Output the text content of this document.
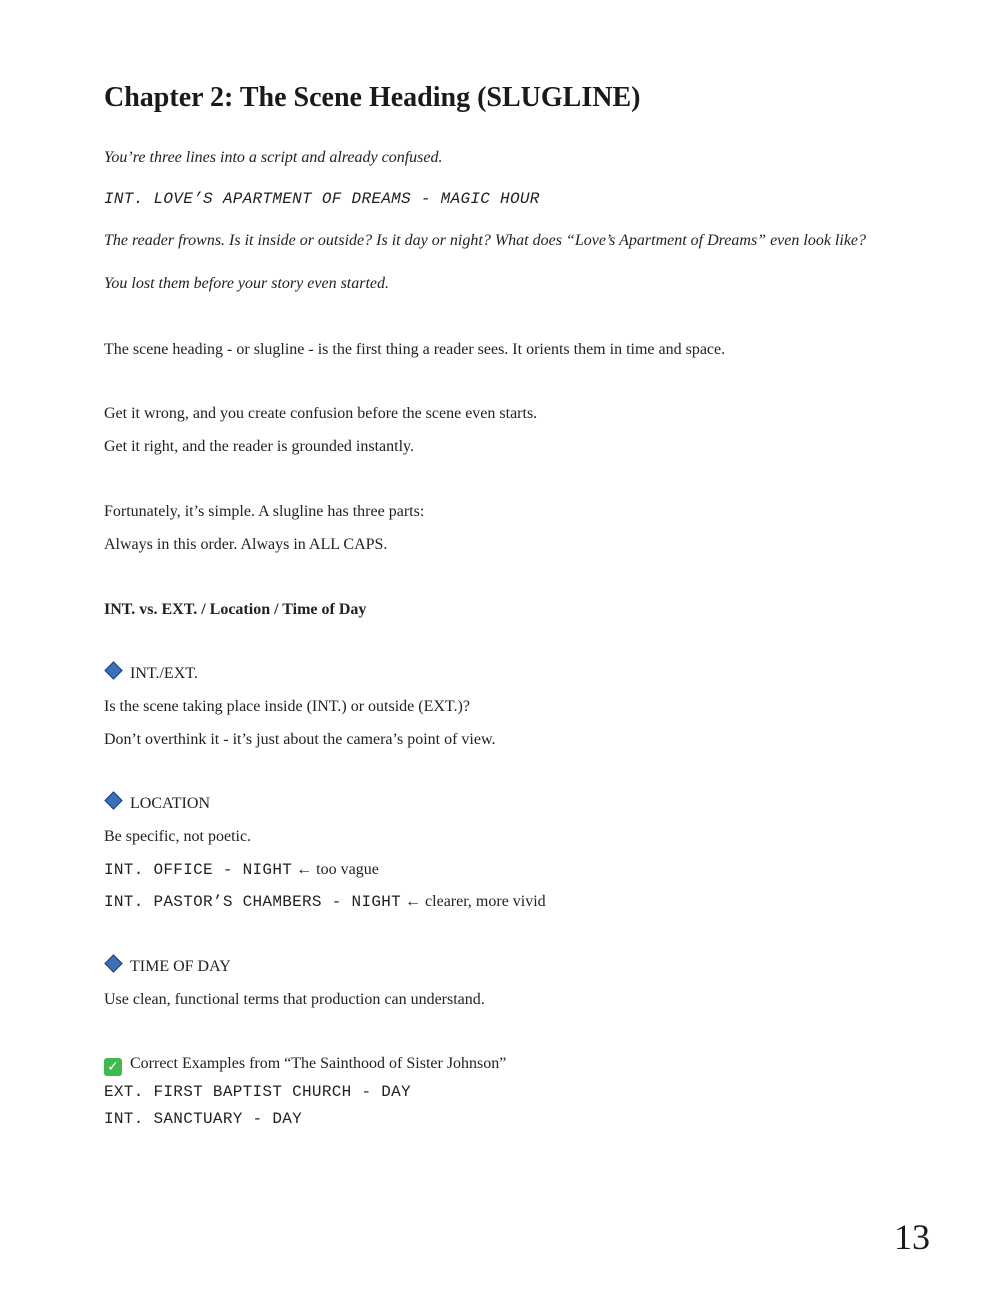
Chapter 2: The Scene Heading (SLUGLINE)
You’re three lines into a script and already confused.
INT. LOVE’S APARTMENT OF DREAMS - MAGIC HOUR
The reader frowns. Is it inside or outside? Is it day or night? What does “Love’s Apartment of Dreams” even look like?
You lost them before your story even started.
The scene heading - or slugline - is the first thing a reader sees. It orients them in time and space.
Get it wrong, and you create confusion before the scene even starts.
Get it right, and the reader is grounded instantly.
Fortunately, it’s simple. A slugline has three parts:
Always in this order. Always in ALL CAPS.
INT. vs. EXT. / Location / Time of Day
INT./EXT.
Is the scene taking place inside (INT.) or outside (EXT.)?
Don’t overthink it - it’s just about the camera’s point of view.
LOCATION
Be specific, not poetic.
INT. OFFICE - NIGHT ← too vague
INT. PASTOR’S CHAMBERS - NIGHT ← clearer, more vivid
TIME OF DAY
Use clean, functional terms that production can understand.
✓ Correct Examples from “The Sainthood of Sister Johnson”
EXT. FIRST BAPTIST CHURCH - DAY
INT. SANCTUARY - DAY
13
